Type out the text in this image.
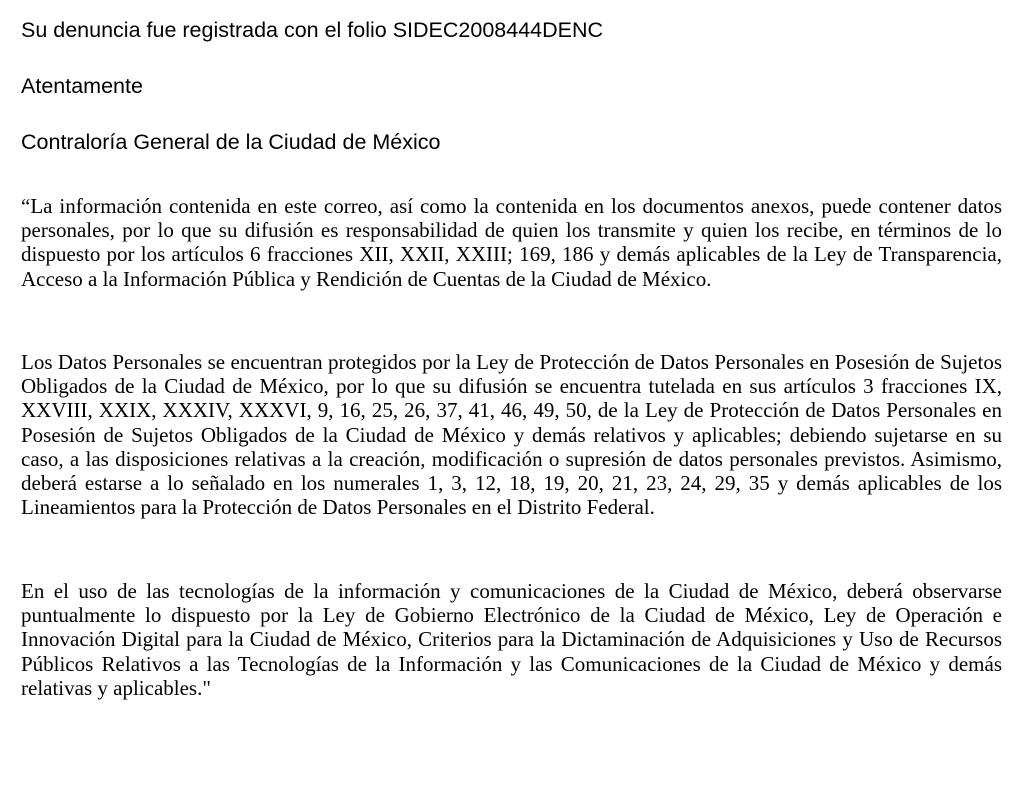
Su denuncia fue registrada con el folio SIDEC2008444DENC

Atentamente

Contraloría General de la Ciudad de México

“La información contenida en este correo, así como la contenida en los documentos anexos, puede contener datos personales, por lo que su difusión es responsabilidad de quien los transmite y quien los recibe, en términos de lo dispuesto por los artículos 6 fracciones XII, XXII, XXIII; 169, 186 y demás aplicables de la Ley de Transparencia, Acceso a la Información Pública y Rendición de Cuentas de la Ciudad de México.

Los Datos Personales se encuentran protegidos por la Ley de Protección de Datos Personales en Posesión de Sujetos Obligados de la Ciudad de México, por lo que su difusión se encuentra tutelada en sus artículos 3 fracciones IX, XXVIII, XXIX, XXXIV, XXXVI, 9, 16, 25, 26, 37, 41, 46, 49, 50, de la Ley de Protección de Datos Personales en Posesión de Sujetos Obligados de la Ciudad de México y demás relativos y aplicables; debiendo sujetarse en su caso, a las disposiciones relativas a la creación, modificación o supresión de datos personales previstos. Asimismo, deberá estarse a lo señalado en los numerales 1, 3, 12, 18, 19, 20, 21, 23, 24, 29, 35 y demás aplicables de los Lineamientos para la Protección de Datos Personales en el Distrito Federal.

En el uso de las tecnologías de la información y comunicaciones de la Ciudad de México, deberá observarse puntualmente lo dispuesto por la Ley de Gobierno Electrónico de la Ciudad de México, Ley de Operación e Innovación Digital para la Ciudad de México, Criterios para la Dictaminación de Adquisiciones y Uso de Recursos Públicos Relativos a las Tecnologías de la Información y las Comunicaciones de la Ciudad de México y demás relativas y aplicables."
